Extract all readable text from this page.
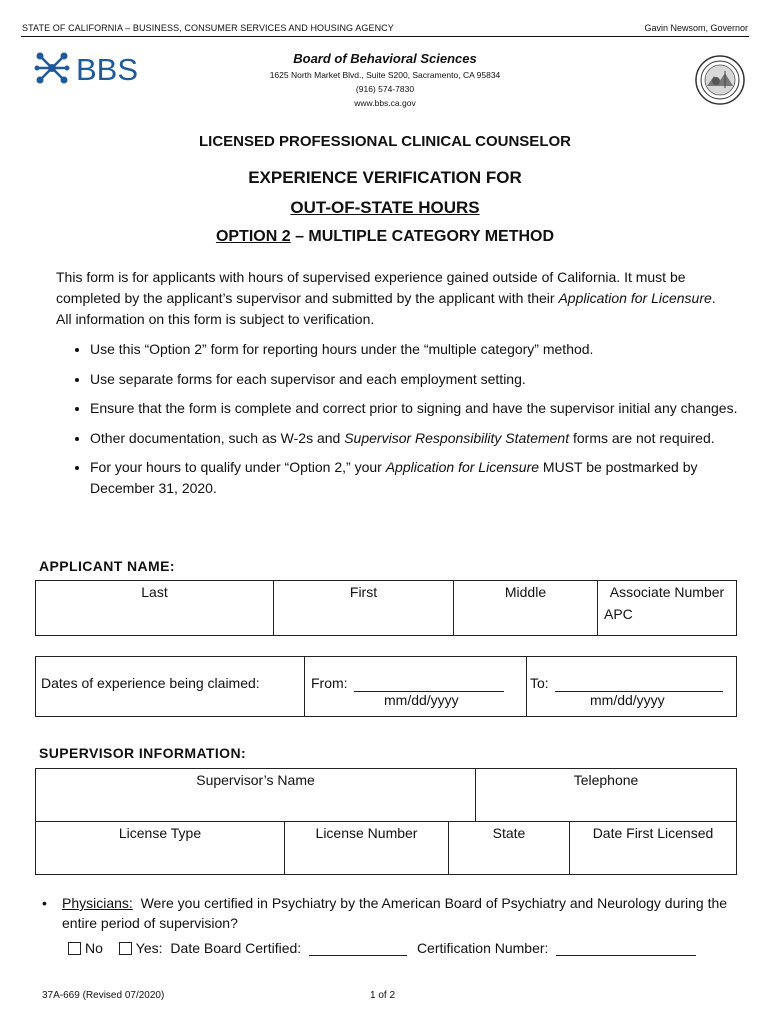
STATE OF CALIFORNIA – BUSINESS, CONSUMER SERVICES AND HOUSING AGENCY	Gavin Newsom, Governor
BBS	Board of Behavioral Sciences
1625 North Market Blvd., Suite S200, Sacramento, CA 95834
(916) 574-7830
www.bbs.ca.gov
LICENSED PROFESSIONAL CLINICAL COUNSELOR
EXPERIENCE VERIFICATION FOR
OUT-OF-STATE HOURS
OPTION 2 – MULTIPLE CATEGORY METHOD
This form is for applicants with hours of supervised experience gained outside of California. It must be completed by the applicant’s supervisor and submitted by the applicant with their Application for Licensure. All information on this form is subject to verification.
• Use this “Option 2” form for reporting hours under the “multiple category” method.
• Use separate forms for each supervisor and each employment setting.
• Ensure that the form is complete and correct prior to signing and have the supervisor initial any changes.
• Other documentation, such as W-2s and Supervisor Responsibility Statement forms are not required.
• For your hours to qualify under “Option 2,” your Application for Licensure MUST be postmarked by December 31, 2020.
APPLICANT NAME:
Last	First	Middle	Associate Number
APC
Dates of experience being claimed:	From:
mm/dd/yyyy
To:
mm/dd/yyyy
SUPERVISOR INFORMATION:
Supervisor’s Name	Telephone
License Type	License Number	State	Date First Licensed
•	Physicians: Were you certified in Psychiatry by the American Board of Psychiatry and Neurology during the entire period of supervision?
No Yes: Date Board Certified:	Certification Number:
37A-669 (Revised 07/2020)	1 of 2
